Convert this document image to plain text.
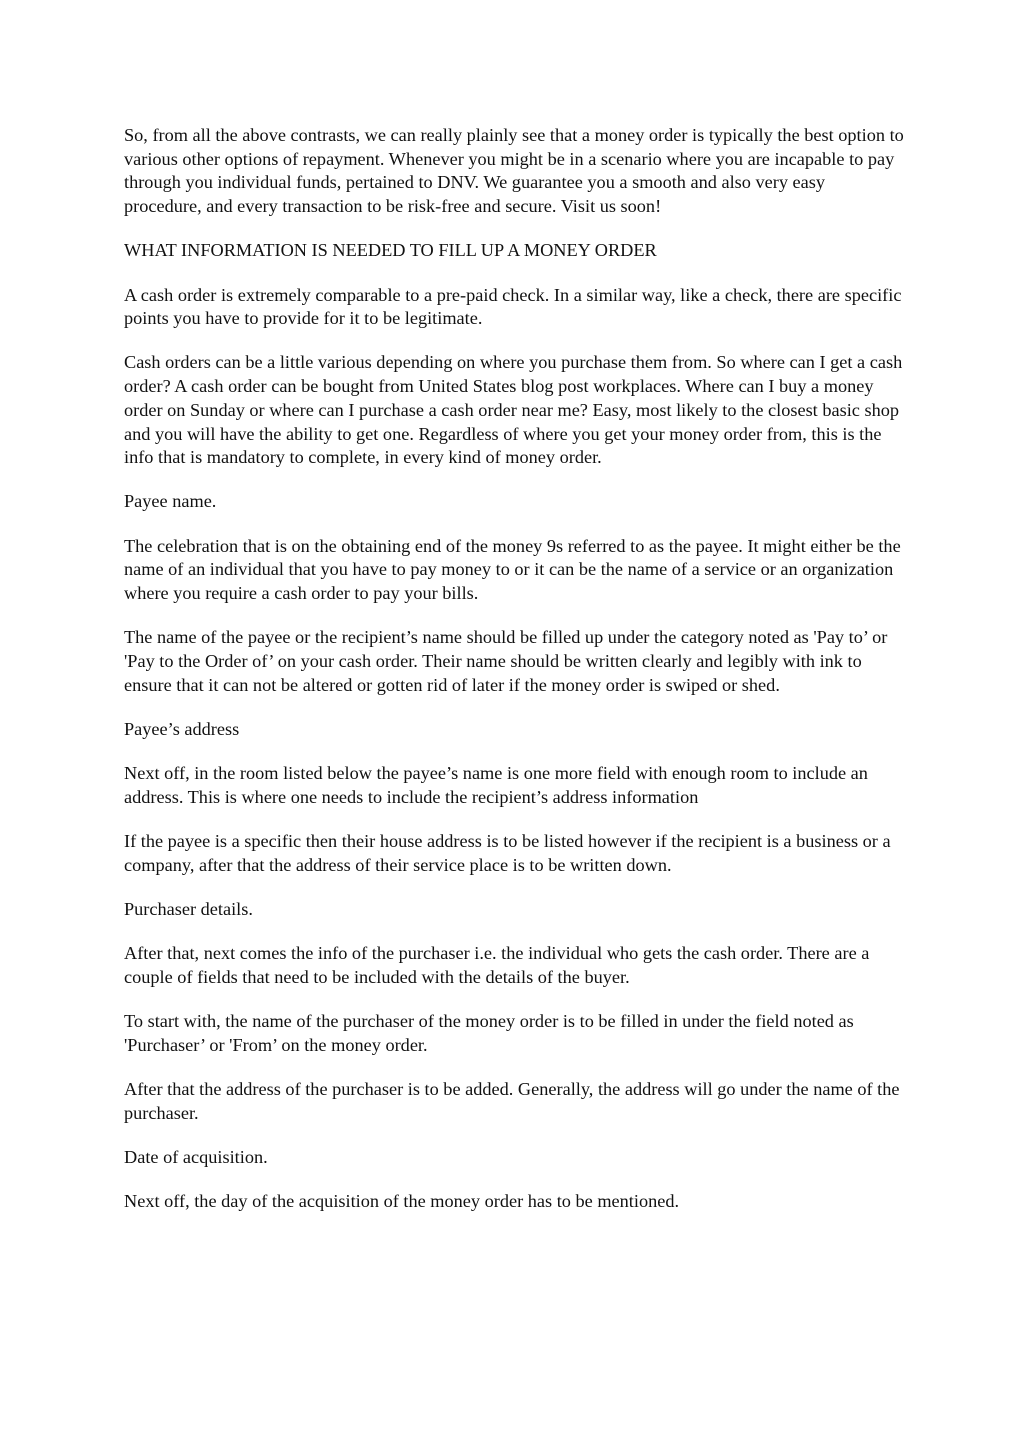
So, from all the above contrasts, we can really plainly see that a money order is typically the best option to various other options of repayment. Whenever you might be in a scenario where you are incapable to pay through you individual funds, pertained to DNV. We guarantee you a smooth and also very easy procedure, and every transaction to be risk-free and secure. Visit us soon!

WHAT INFORMATION IS NEEDED TO FILL UP A MONEY ORDER

A cash order is extremely comparable to a pre-paid check. In a similar way, like a check, there are specific points you have to provide for it to be legitimate.

Cash orders can be a little various depending on where you purchase them from. So where can I get a cash order? A cash order can be bought from United States blog post workplaces. Where can I buy a money order on Sunday or where can I purchase a cash order near me? Easy, most likely to the closest basic shop and you will have the ability to get one. Regardless of where you get your money order from, this is the info that is mandatory to complete, in every kind of money order.

Payee name.

The celebration that is on the obtaining end of the money 9s referred to as the payee. It might either be the name of an individual that you have to pay money to or it can be the name of a service or an organization where you require a cash order to pay your bills.

The name of the payee or the recipient’s name should be filled up under the category noted as 'Pay to’ or 'Pay to the Order of’ on your cash order. Their name should be written clearly and legibly with ink to ensure that it can not be altered or gotten rid of later if the money order is swiped or shed.

Payee’s address

Next off, in the room listed below the payee’s name is one more field with enough room to include an address. This is where one needs to include the recipient’s address information

If the payee is a specific then their house address is to be listed however if the recipient is a business or a company, after that the address of their service place is to be written down.

Purchaser details.

After that, next comes the info of the purchaser i.e. the individual who gets the cash order. There are a couple of fields that need to be included with the details of the buyer.

To start with, the name of the purchaser of the money order is to be filled in under the field noted as 'Purchaser’ or 'From’ on the money order.

After that the address of the purchaser is to be added. Generally, the address will go under the name of the purchaser.

Date of acquisition.

Next off, the day of the acquisition of the money order has to be mentioned.
